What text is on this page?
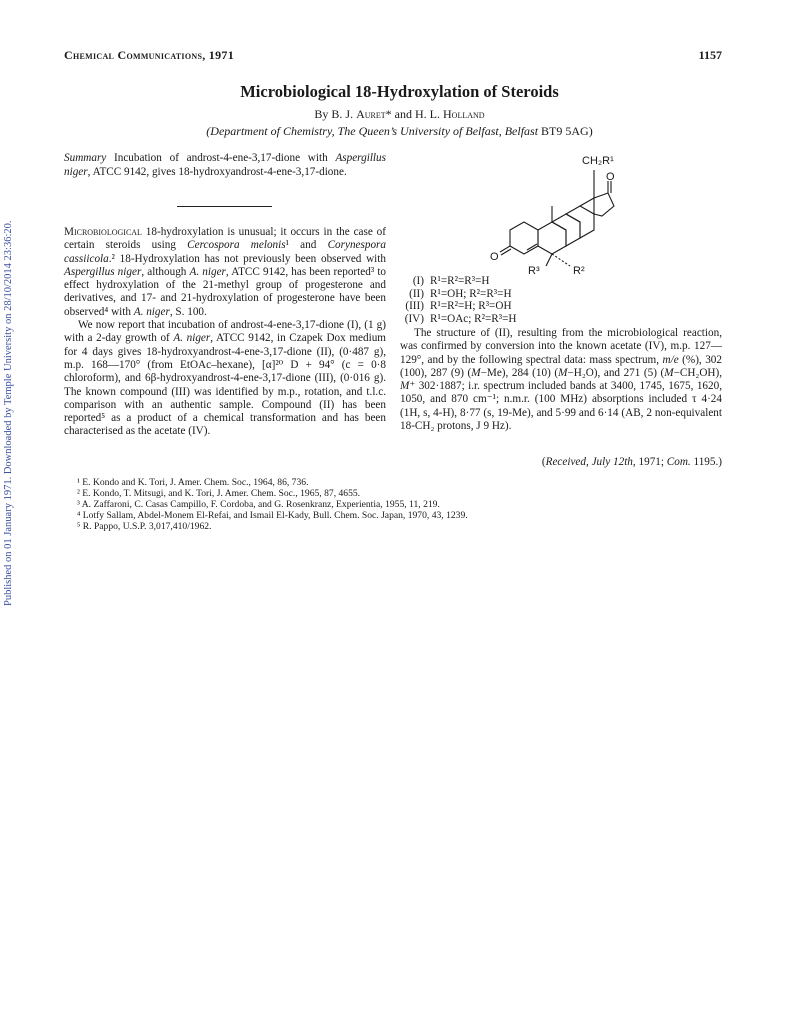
Published on 01 January 1971. Downloaded by Temple University on 28/10/2014 23:36:20.
Chemical Communications, 1971	1157
Microbiological 18-Hydroxylation of Steroids
By B. J. Auret* and H. L. Holland
(Department of Chemistry, The Queen’s University of Belfast, Belfast BT9 5AG)
Summary Incubation of androst-4-ene-3,17-dione with Aspergillus niger, ATCC 9142, gives 18-hydroxyandrost-4-ene-3,17-dione.

Microbiological 18-hydroxylation is unusual; it occurs in the case of certain steroids using Cercospora melonis¹ and Corynespora cassiicola.² 18-Hydroxylation has not previously been observed with Aspergillus niger, although A. niger, ATCC 9142, has been reported³ to effect hydroxylation of the 21-methyl group of progesterone and derivatives, and 17- and 21-hydroxylation of progesterone have been observed⁴ with A. niger, S. 100.

We now report that incubation of androst-4-ene-3,17-dione (I), (1 g) with a 2-day growth of A. niger, ATCC 9142, in Czapek Dox medium for 4 days gives 18-hydroxyandrost-4-ene-3,17-dione (II), (0·487 g), m.p. 168—170° (from EtOAc–hexane), [α]²⁰ D + 94° (c = 0·8 chloroform), and 6β-hydroxyandrost-4-ene-3,17-dione (III), (0·016 g). The known compound (III) was identified by m.p., rotation, and t.l.c. comparison with an authentic sample. Compound (II) has been reported⁵ as a product of a chemical transformation and has been characterised as the acetate (IV).

CH₂R¹
O
O
R³	R²
(I) R¹=R²=R³=H
(II) R¹=OH; R²=R³=H
(III) R¹=R²=H; R³=OH
(IV) R¹=OAc; R²=R³=H

The structure of (II), resulting from the microbiological reaction, was confirmed by conversion into the known acetate (IV), m.p. 127—129°, and by the following spectral data: mass spectrum, m/e (%), 302 (100), 287 (9) (M−Me), 284 (10) (M−H₂O), and 271 (5) (M−CH₂OH), M⁺ 302·1887; i.r. spectrum included bands at 3400, 1745, 1675, 1620, 1050, and 870 cm⁻¹; n.m.r. (100 MHz) absorptions included τ 4·24 (1H, s, 4-H), 8·77 (s, 19-Me), and 5·99 and 6·14 (AB, 2 non-equivalent 18-CH₂ protons, J 9 Hz).

(Received, July 12th, 1971; Com. 1195.)
¹ E. Kondo and K. Tori, J. Amer. Chem. Soc., 1964, 86, 736.
² E. Kondo, T. Mitsugi, and K. Tori, J. Amer. Chem. Soc., 1965, 87, 4655.
³ A. Zaffaroni, C. Casas Campillo, F. Cordoba, and G. Rosenkranz, Experientia, 1955, 11, 219.
⁴ Lotfy Sallam, Abdel-Monem El-Refai, and Ismail El-Kady, Bull. Chem. Soc. Japan, 1970, 43, 1239.
⁵ R. Pappo, U.S.P. 3,017,410/1962.
